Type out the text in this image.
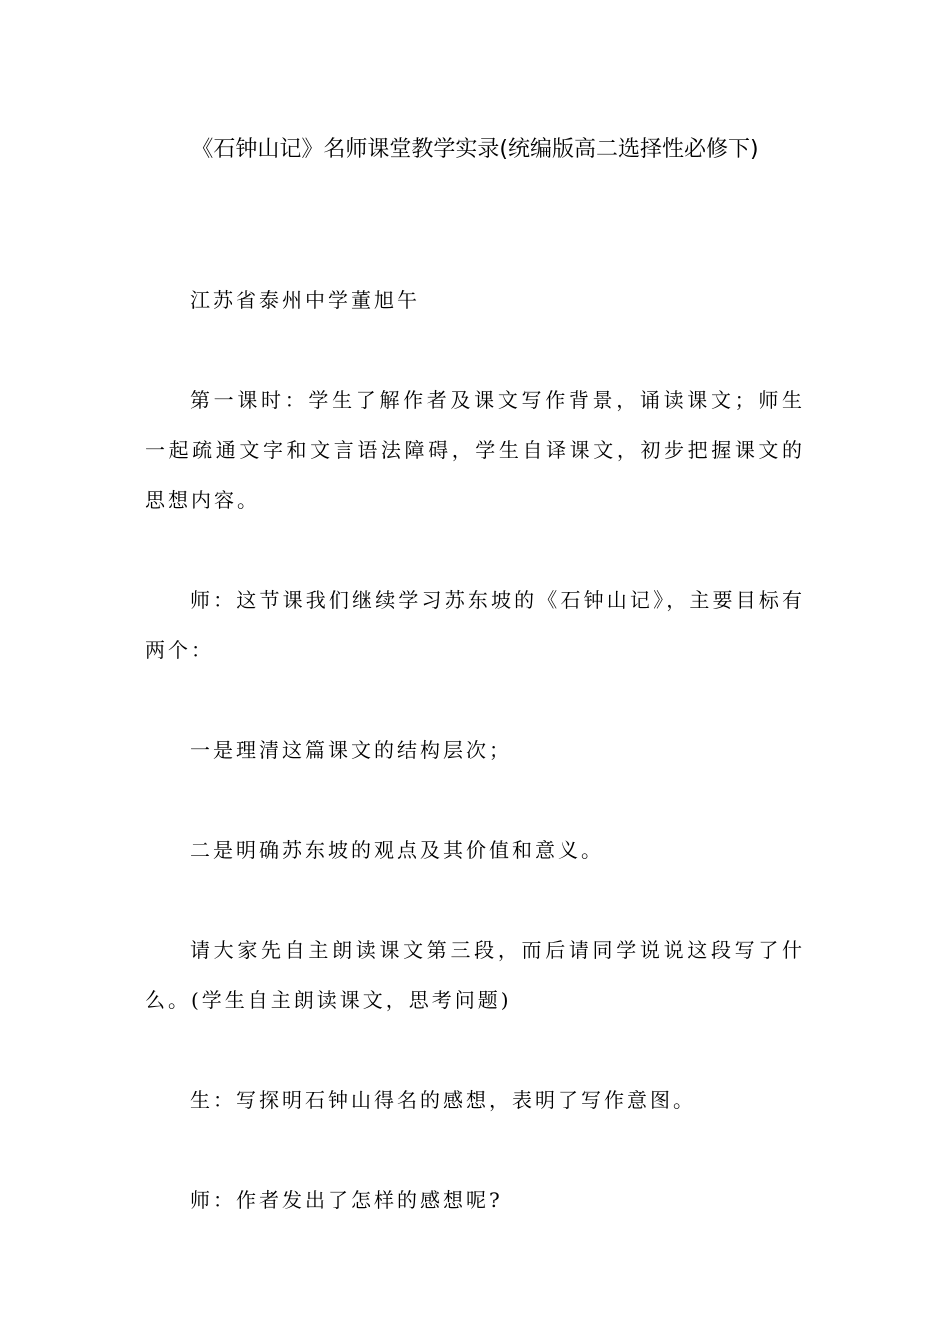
《石钟山记》名师课堂教学实录(统编版高二选择性必修下)

江苏省泰州中学董旭午

第一课时：学生了解作者及课文写作背景，诵读课文；师生一起疏通文字和文言语法障碍，学生自译课文，初步把握课文的思想内容。

师：这节课我们继续学习苏东坡的《石钟山记》，主要目标有两个：

一是理清这篇课文的结构层次；

二是明确苏东坡的观点及其价值和意义。

请大家先自主朗读课文第三段，而后请同学说说这段写了什么。(学生自主朗读课文，思考问题)

生：写探明石钟山得名的感想，表明了写作意图。

师：作者发出了怎样的感想呢?
